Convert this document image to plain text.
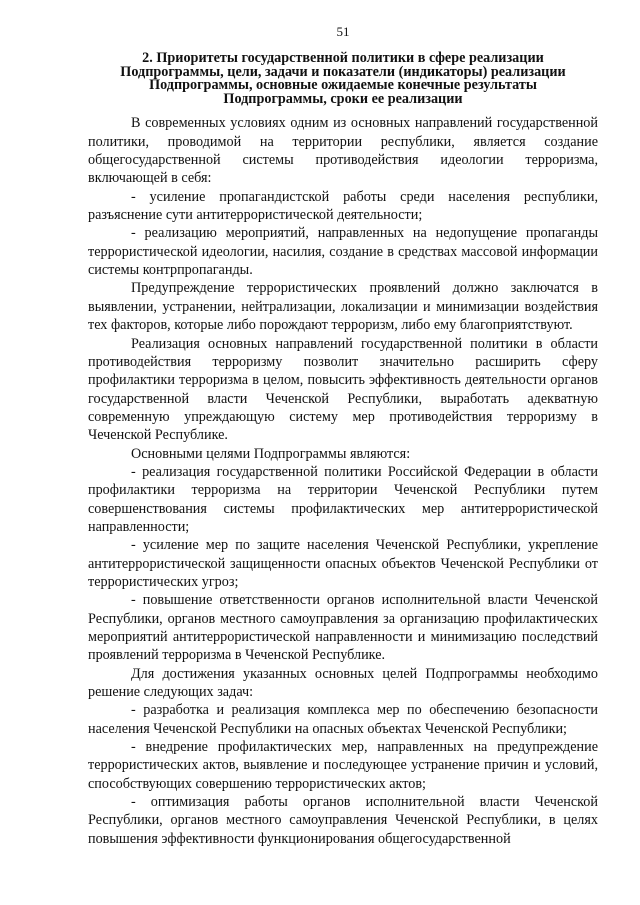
51
2. Приоритеты государственной политики в сфере реализации
Подпрограммы, цели, задачи и показатели (индикаторы) реализации
Подпрограммы, основные ожидаемые конечные результаты
Подпрограммы, сроки ее реализации

В современных условиях одним из основных направлений государственной политики, проводимой на территории республики, является создание общегосударственной системы противодействия идеологии терроризма, включающей в себя:

- усиление пропагандистской работы среди населения республики, разъяснение сути антитеррористической деятельности;

- реализацию мероприятий, направленных на недопущение пропаганды террористической идеологии, насилия, создание в средствах массовой информации системы контрпропаганды.

Предупреждение террористических проявлений должно заключатся в выявлении, устранении, нейтрализации, локализации и минимизации воздействия тех факторов, которые либо порождают терроризм, либо ему благоприятствуют.

Реализация основных направлений государственной политики в области противодействия терроризму позволит значительно расширить сферу профилактики терроризма в целом, повысить эффективность деятельности органов государственной власти Чеченской Республики, выработать адекватную современную упреждающую систему мер противодействия терроризму в Чеченской Республике.

Основными целями Подпрограммы являются:

- реализация государственной политики Российской Федерации в области профилактики терроризма на территории Чеченской Республики путем совершенствования системы профилактических мер антитеррористической направленности;

- усиление мер по защите населения Чеченской Республики, укрепление антитеррористической защищенности опасных объектов Чеченской Республики от террористических угроз;

- повышение ответственности органов исполнительной власти Чеченской Республики, органов местного самоуправления за организацию профилактических мероприятий антитеррористической направленности и минимизацию последствий проявлений терроризма в Чеченской Республике.

Для достижения указанных основных целей Подпрограммы необходимо решение следующих задач:

- разработка и реализация комплекса мер по обеспечению безопасности населения Чеченской Республики на опасных объектах Чеченской Республики;

- внедрение профилактических мер, направленных на предупреждение террористических актов, выявление и последующее устранение причин и условий, способствующих совершению террористических актов;

- оптимизация работы органов исполнительной власти Чеченской Республики, органов местного самоуправления Чеченской Республики, в целях повышения эффективности функционирования общегосударственной
